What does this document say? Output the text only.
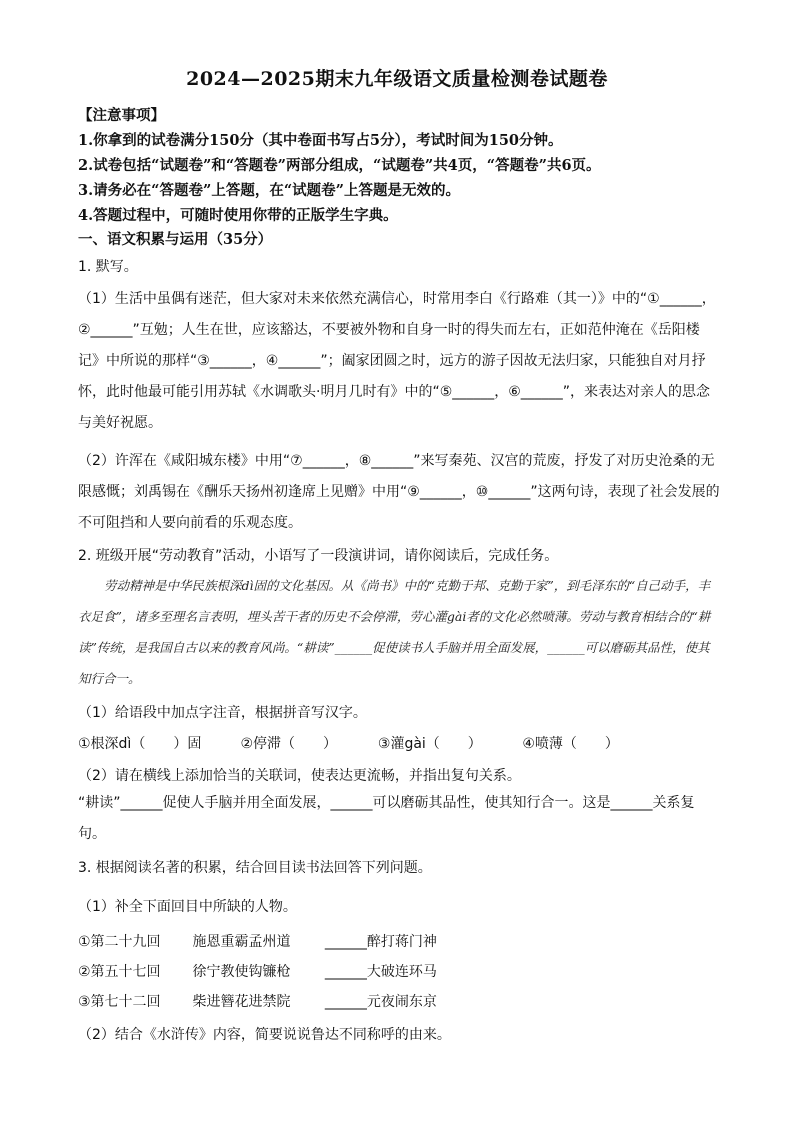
2024—2025期末九年级语文质量检测卷试题卷
【注意事项】
1.你拿到的试卷满分150分（其中卷面书写占5分），考试时间为150分钟。
2.试卷包括“试题卷”和“答题卷”两部分组成，“试题卷”共4页，“答题卷”共6页。
3.请务必在“答题卷”上答题，在“试题卷”上答题是无效的。
4.答题过程中，可随时使用你带的正版学生字典。
一、语文积累与运用（35分）
1. 默写。
（1）生活中虽偶有迷茫，但大家对未来依然充满信心，时常用李白《行路难（其一）》中的“①______，②______”互勉；人生在世，应该豁达，不要被外物和自身一时的得失而左右，正如范仲淹在《岳阳楼记》中所说的那样“③______，④______”；阖家团圆之时，远方的游子因故无法归家，只能独自对月抒怀，此时他最可能引用苏轼《水调歌头·明月几时有》中的“⑤______，⑥______”，来表达对亲人的思念与美好祝愿。
（2）许浑在《咸阳城东楼》中用“⑦______，⑧______”来写秦苑、汉宫的荒废，抒发了对历史沧桑的无限感慨；刘禹锡在《酬乐天扬州初逢席上见赠》中用“⑨______，⑩______”这两句诗，表现了社会发展的不可阻挡和人要向前看的乐观态度。
2. 班级开展“劳动教育”活动，小语写了一段演讲词，请你阅读后，完成任务。
劳动精神是中华民族根深dì固的文化基因。从《尚书》中的“克勤于邦、克勤于家”，到毛泽东的“自己动手，丰衣足食”，诸多至理名言表明，埋头苦干者的历史不会停滞，劳心灌gài者的文化必然喷薄。劳动与教育相结合的“耕读”传统，是我国自古以来的教育风尚。“耕读”______促使读书人手脑并用全面发展，______可以磨砺其品性，使其知行合一。
（1）给语段中加点字注音，根据拼音写汉字。
①根深dì（　　）固	②停滞（　　）	③灌gài（　　）	④喷薄（　　）
（2）请在横线上添加恰当的关联词，使表达更流畅，并指出复句关系。
“耕读”______促使人手脑并用全面发展，______可以磨砺其品性，使其知行合一。这是______关系复句。
3. 根据阅读名著的积累，结合回目读书法回答下列问题。
（1）补全下面回目中所缺的人物。
①第二十九回 施恩重霸孟州道 ______醉打蒋门神
②第五十七回 徐宁教使钩镰枪 ______大破连环马
③第七十二回 柴进簪花进禁院 ______元夜闹东京
（2）结合《水浒传》内容，简要说说鲁达不同称呼的由来。
